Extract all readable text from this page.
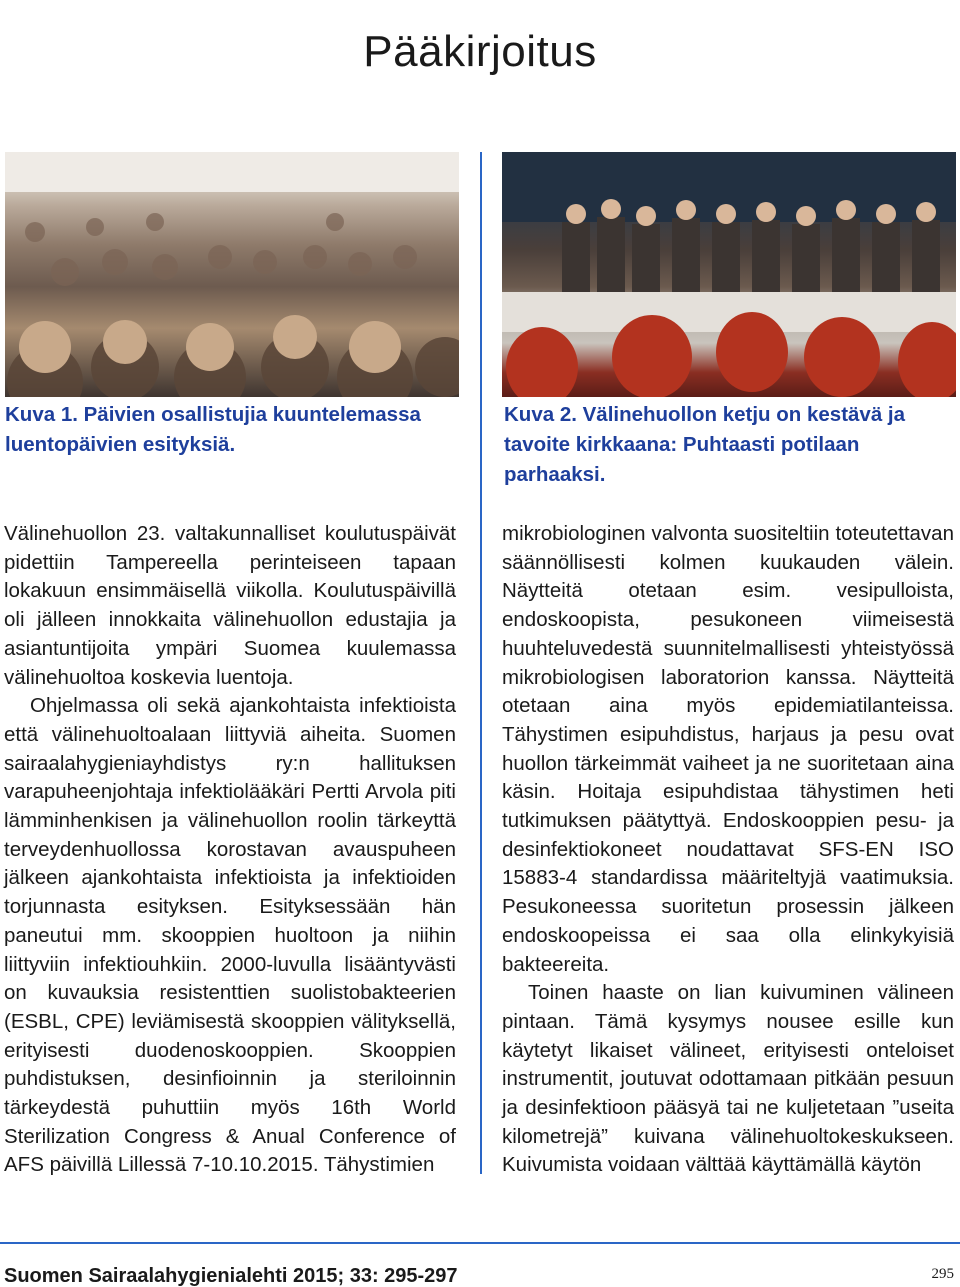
Pääkirjoitus
Kuva 1. Päivien osallistujia kuuntelemassa luentopäivien esityksiä.
Kuva 2. Välinehuollon ketju on kestävä ja tavoite kirkkaana: Puhtaasti potilaan parhaaksi.

Välinehuollon 23. valtakunnalliset koulutuspäivät pidettiin Tampereella perinteiseen tapaan lokakuun ensimmäisellä viikolla. Koulutuspäivillä oli jälleen innokkaita välinehuollon edustajia ja asiantuntijoita ympäri Suomea kuulemassa välinehuoltoa koskevia luentoja.

Ohjelmassa oli sekä ajankohtaista infektioista että välinehuoltoalaan liittyviä aiheita. Suomen sairaalahygieniayhdistys ry:n hallituksen varapuheenjohtaja infektiolääkäri Pertti Arvola piti lämminhenkisen ja välinehuollon roolin tärkeyttä terveydenhuollossa korostavan avauspuheen jälkeen ajankohtaista infektioista ja infektioiden torjunnasta esityksen. Esityksessään hän paneutui mm. skooppien huoltoon ja niihin liittyviin infektiouhkiin. 2000-luvulla lisääntyvästi on kuvauksia resistenttien suolistobakteerien (ESBL, CPE) leviämisestä skooppien välityksellä, erityisesti duodenoskooppien. Skooppien puhdistuksen, desinfioinnin ja steriloinnin tärkeydestä puhuttiin myös 16th World Sterilization Congress & Anual Conference of AFS päivillä Lillessä 7-10.10.2015. Tähystimien

mikrobiologinen valvonta suositeltiin toteutettavan säännöllisesti kolmen kuukauden välein. Näytteitä otetaan esim. vesipulloista, endoskoopista, pesukoneen viimeisestä huuhteluvedestä suunnitelmallisesti yhteistyössä mikrobiologisen laboratorion kanssa. Näytteitä otetaan aina myös epidemiatilanteissa. Tähystimen esipuhdistus, harjaus ja pesu ovat huollon tärkeimmät vaiheet ja ne suoritetaan aina käsin. Hoitaja esipuhdistaa tähystimen heti tutkimuksen päätyttyä. Endoskooppien pesu- ja desinfektiokoneet noudattavat SFS-EN ISO 15883-4 standardissa määriteltyjä vaatimuksia. Pesukoneessa suoritetun prosessin jälkeen endoskoopeissa ei saa olla elinkykyisiä bakteereita.

Toinen haaste on lian kuivuminen välineen pintaan. Tämä kysymys nousee esille kun käytetyt likaiset välineet, erityisesti onteloiset instrumentit, joutuvat odottamaan pitkään pesuun ja desinfektioon pääsyä tai ne kuljetetaan ”useita kilometrejä” kuivana välinehuoltokeskukseen. Kuivumista voidaan välttää käyttämällä käytön

Suomen Sairaalahygienialehti 2015; 33: 295-297	295
